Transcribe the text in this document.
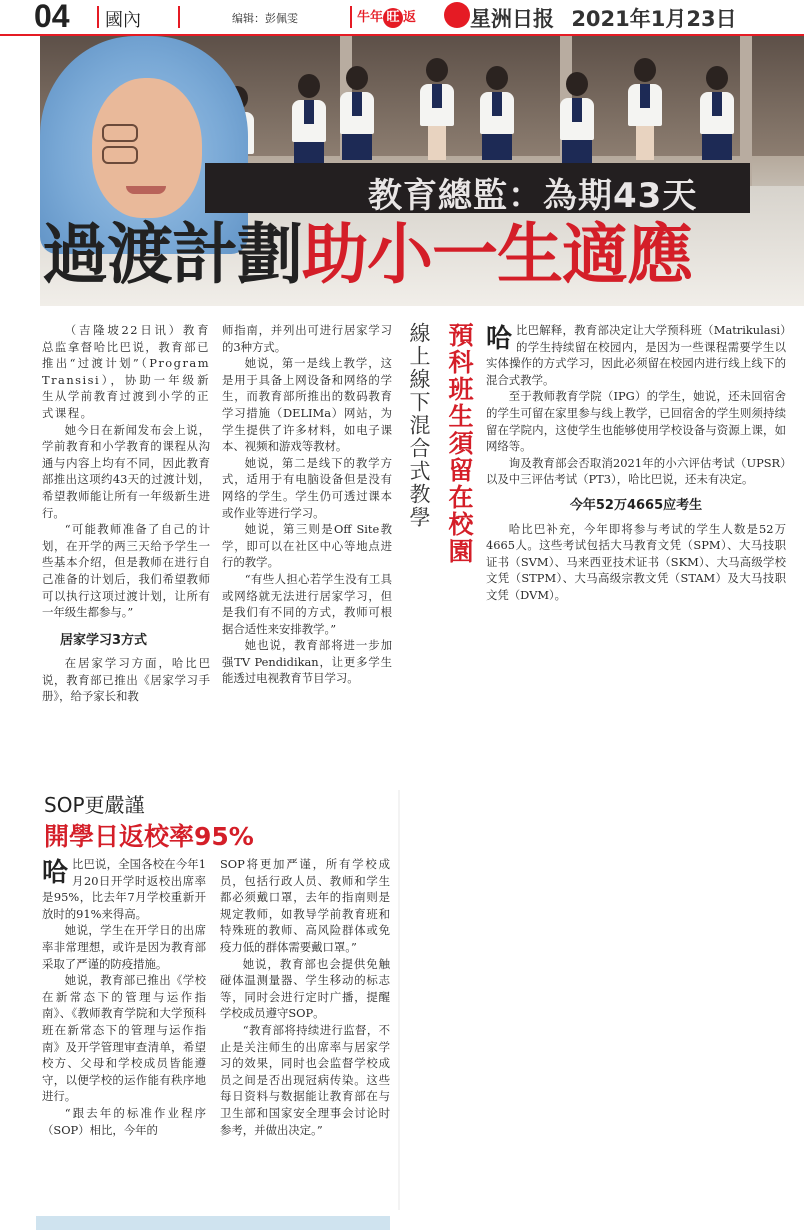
04 國內	编辑：彭佩雯	牛年 旺 返	星洲日报 2021年1月23日
教育總監：為期43天
過渡計劃助小一生適應

（吉隆坡22日讯）教育总监拿督哈比巴说，教育部已推出“过渡计划”（Program Transisi），协助一年级新生从学前教育过渡到小学的正式课程。

她今日在新闻发布会上说，学前教育和小学教育的课程从沟通与内容上均有不同，因此教育部推出这项约43天的过渡计划，希望教师能让所有一年级新生进行。

“可能教师准备了自己的计划，在开学的两三天给予学生一些基本介绍，但是教师在进行自己准备的计划后，我们希望教师可以执行这项过渡计划，让所有一年级生都参与。”

居家学习3方式

在居家学习方面，哈比巴说，教育部已推出《居家学习手册》，给予家长和教

师指南，并列出可进行居家学习的3种方式。

她说，第一是线上教学，这是用于具备上网设备和网络的学生，而教育部所推出的数码教育学习措施（DELIMa）网站，为学生提供了许多材料，如电子课本、视频和游戏等教材。

她说，第二是线下的教学方式，适用于有电脑设备但是没有网络的学生。学生仍可透过课本或作业等进行学习。

她说，第三则是Off Site教学，即可以在社区中心等地点进行的教学。

“有些人担心若学生没有工具或网络就无法进行居家学习，但是我们有不同的方式，教师可根据合适性来安排教学。”

她也说，教育部将进一步加强TV Pendidikan，让更多学生能透过电视教育节目学习。

線上線下混合式教學 預科班生須留在校園 哈 比巴解释，教育部决定让大学预科班（Matrikulasi）的学生持续留在校园内，是因为一些课程需要学生以实体操作的方式学习，因此必须留在校园内进行线上线下的混合式教学。

至于教师教育学院（IPG）的学生，她说，还未回宿舍的学生可留在家里参与线上教学，已回宿舍的学生则须持续留在学院内，这使学生也能够使用学校设备与资源上课，如网络等。

询及教育部会否取消2021年的小六评估考试（UPSR）以及中三评估考试（PT3），哈比巴说，还未有决定。

今年52万4665应考生

哈比巴补充，今年即将参与考试的学生人数是52万4665人。这些考试包括大马教育文凭（SPM）、大马技职证书（SVM）、马来西亚技术证书（SKM）、大马高级学校文凭（STPM）、大马高级宗教文凭（STAM）及大马技职文凭（DVM）。

SOP更嚴謹
開學日返校率95%
哈 比巴说，全国各校在今年1月20日开学时返校出席率是95%，比去年7月学校重新开放时的91%来得高。

她说，学生在开学日的出席率非常理想，或许是因为教育部采取了严谨的防疫措施。

她说，教育部已推出《学校在新常态下的管理与运作指南》、《教师教育学院和大学预科班在新常态下的管理与运作指南》及开学管理审查清单，希望校方、父母和学校成员皆能遵守，以便学校的运作能有秩序地进行。

“跟去年的标准作业程序（SOP）相比，今年的

SOP将更加严谨，所有学校成员，包括行政人员、教师和学生都必须戴口罩，去年的指南则是规定教师，如教导学前教育班和特殊班的教师、高风险群体或免疫力低的群体需要戴口罩。”

她说，教育部也会提供免触碰体温测量器、学生移动的标志等，同时会进行定时广播，提醒学校成员遵守SOP。

“教育部将持续进行监督，不止是关注师生的出席率与居家学习的效果，同时也会监督学校成员之间是否出现冠病传染。这些每日资料与数据能让教育部在与卫生部和国家安全理事会讨论时参考，并做出决定。”
